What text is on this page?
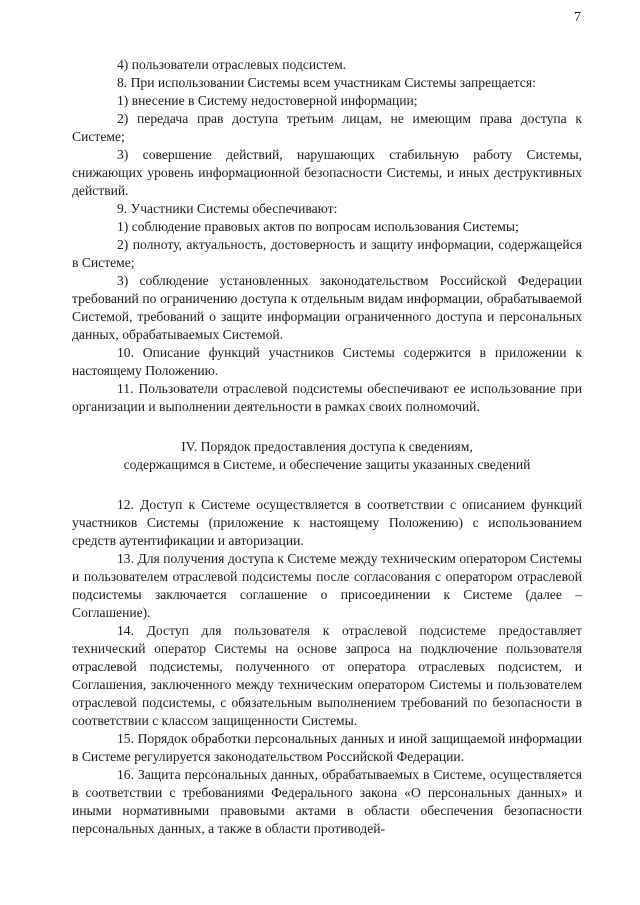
7

4) пользователи отраслевых подсистем.

8. При использовании Системы всем участникам Системы запрещается:

1) внесение в Систему недостоверной информации;

2) передача прав доступа третьим лицам, не имеющим права доступа к Системе;

3) совершение действий, нарушающих стабильную работу Системы, снижающих уровень информационной безопасности Системы, и иных деструктивных действий.

9. Участники Системы обеспечивают:

1) соблюдение правовых актов по вопросам использования Системы;

2) полноту, актуальность, достоверность и защиту информации, содержащейся в Системе;

3) соблюдение установленных законодательством Российской Федерации требований по ограничению доступа к отдельным видам информации, обрабатываемой Системой, требований о защите информации ограниченного доступа и персональных данных, обрабатываемых Системой.

10. Описание функций участников Системы содержится в приложении к настоящему Положению.

11. Пользователи отраслевой подсистемы обеспечивают ее использование при организации и выполнении деятельности в рамках своих полномочий.

IV. Порядок предоставления доступа к сведениям,
содержащимся в Системе, и обеспечение защиты указанных сведений

12. Доступ к Системе осуществляется в соответствии с описанием функций участников Системы (приложение к настоящему Положению) с использованием средств аутентификации и авторизации.

13. Для получения доступа к Системе между техническим оператором Системы и пользователем отраслевой подсистемы после согласования с оператором отраслевой подсистемы заключается соглашение о присоединении к Системе (далее – Соглашение).

14. Доступ для пользователя к отраслевой подсистеме предоставляет технический оператор Системы на основе запроса на подключение пользователя отраслевой подсистемы, полученного от оператора отраслевых подсистем, и Соглашения, заключенного между техническим оператором Системы и пользователем отраслевой подсистемы, с обязательным выполнением требований по безопасности в соответствии с классом защищенности Системы.

15. Порядок обработки персональных данных и иной защищаемой информации в Системе регулируется законодательством Российской Федерации.

16. Защита персональных данных, обрабатываемых в Системе, осуществляется в соответствии с требованиями Федерального закона «О персональных данных» и иными нормативными правовыми актами в области обеспечения безопасности персональных данных, а также в области противодей-
